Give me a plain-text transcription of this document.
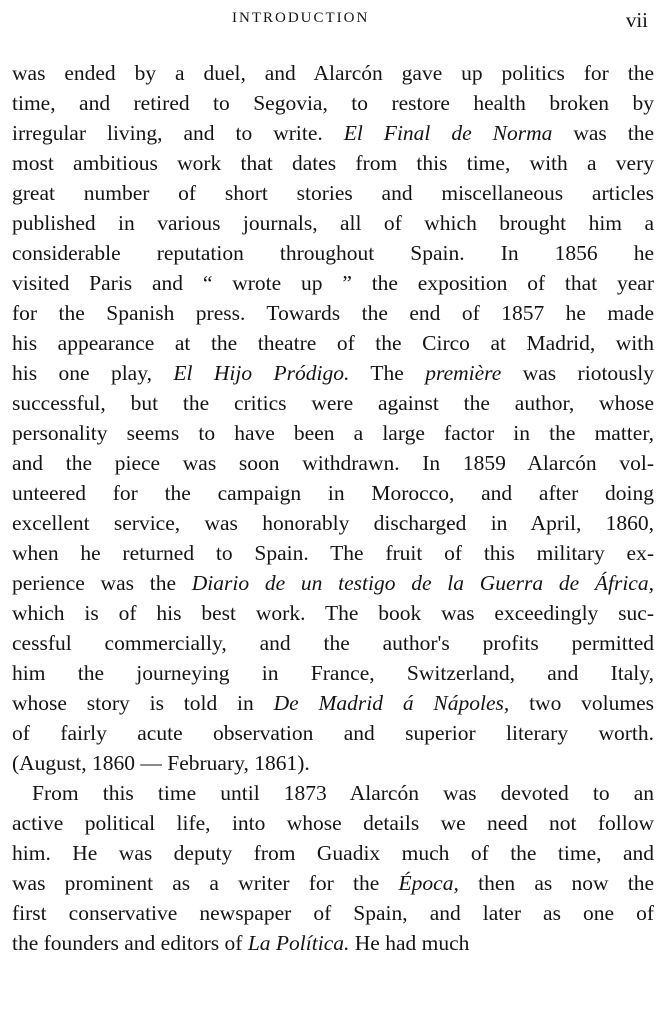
INTRODUCTION	vii
was ended by a duel, and Alarcón gave up politics for the
time, and retired to Segovia, to restore health broken by
irregular living, and to write. El Final de Norma was the
most ambitious work that dates from this time, with a very
great number of short stories and miscellaneous articles
published in various journals, all of which brought him a
considerable reputation throughout Spain. In 1856 he
visited Paris and “ wrote up ” the exposition of that year
for the Spanish press. Towards the end of 1857 he made
his appearance at the theatre of the Circo at Madrid, with
his one play, El Hijo Pródigo. The première was riotously
successful, but the critics were against the author, whose
personality seems to have been a large factor in the matter,
and the piece was soon withdrawn. In 1859 Alarcón vol-
unteered for the campaign in Morocco, and after doing
excellent service, was honorably discharged in April, 1860,
when he returned to Spain. The fruit of this military ex-
perience was the Diario de un testigo de la Guerra de África,
which is of his best work. The book was exceedingly suc-
cessful commercially, and the author's profits permitted
him the journeying in France, Switzerland, and Italy,
whose story is told in De Madrid á Nápoles, two volumes
of fairly acute observation and superior literary worth.
(August, 1860 — February, 1861).
From this time until 1873 Alarcón was devoted to an
active political life, into whose details we need not follow
him. He was deputy from Guadix much of the time, and
was prominent as a writer for the Época, then as now the
first conservative newspaper of Spain, and later as one of
the founders and editors of La Política. He had much
